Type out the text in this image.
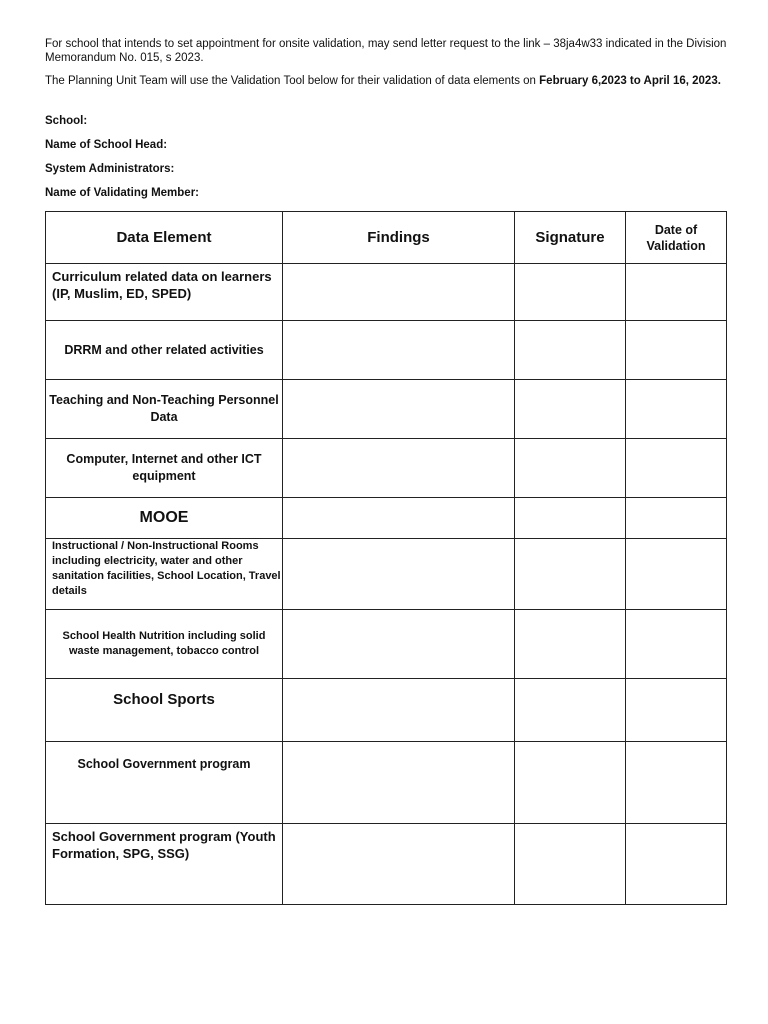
For school that intends to set appointment for onsite validation, may send letter request to the link – 38ja4w33 indicated in the Division Memorandum No. 015, s 2023.
The Planning Unit Team will use the Validation Tool below for their validation of data elements on February 6,2023 to April 16, 2023.
School:
Name of School Head:
System Administrators:
Name of Validating Member:
Data Element	Findings	Signature	Date of Validation
Curriculum related data on learners (IP, Muslim, ED, SPED)			
DRRM and other related activities			
Teaching and Non-Teaching Personnel Data			
Computer, Internet and other ICT equipment			
MOOE			
Instructional / Non-Instructional Rooms including electricity, water and other sanitation facilities, School Location, Travel details			
School Health Nutrition including solid waste management, tobacco control			
School Sports			
School Government program			
School Government program (Youth Formation, SPG, SSG)			
